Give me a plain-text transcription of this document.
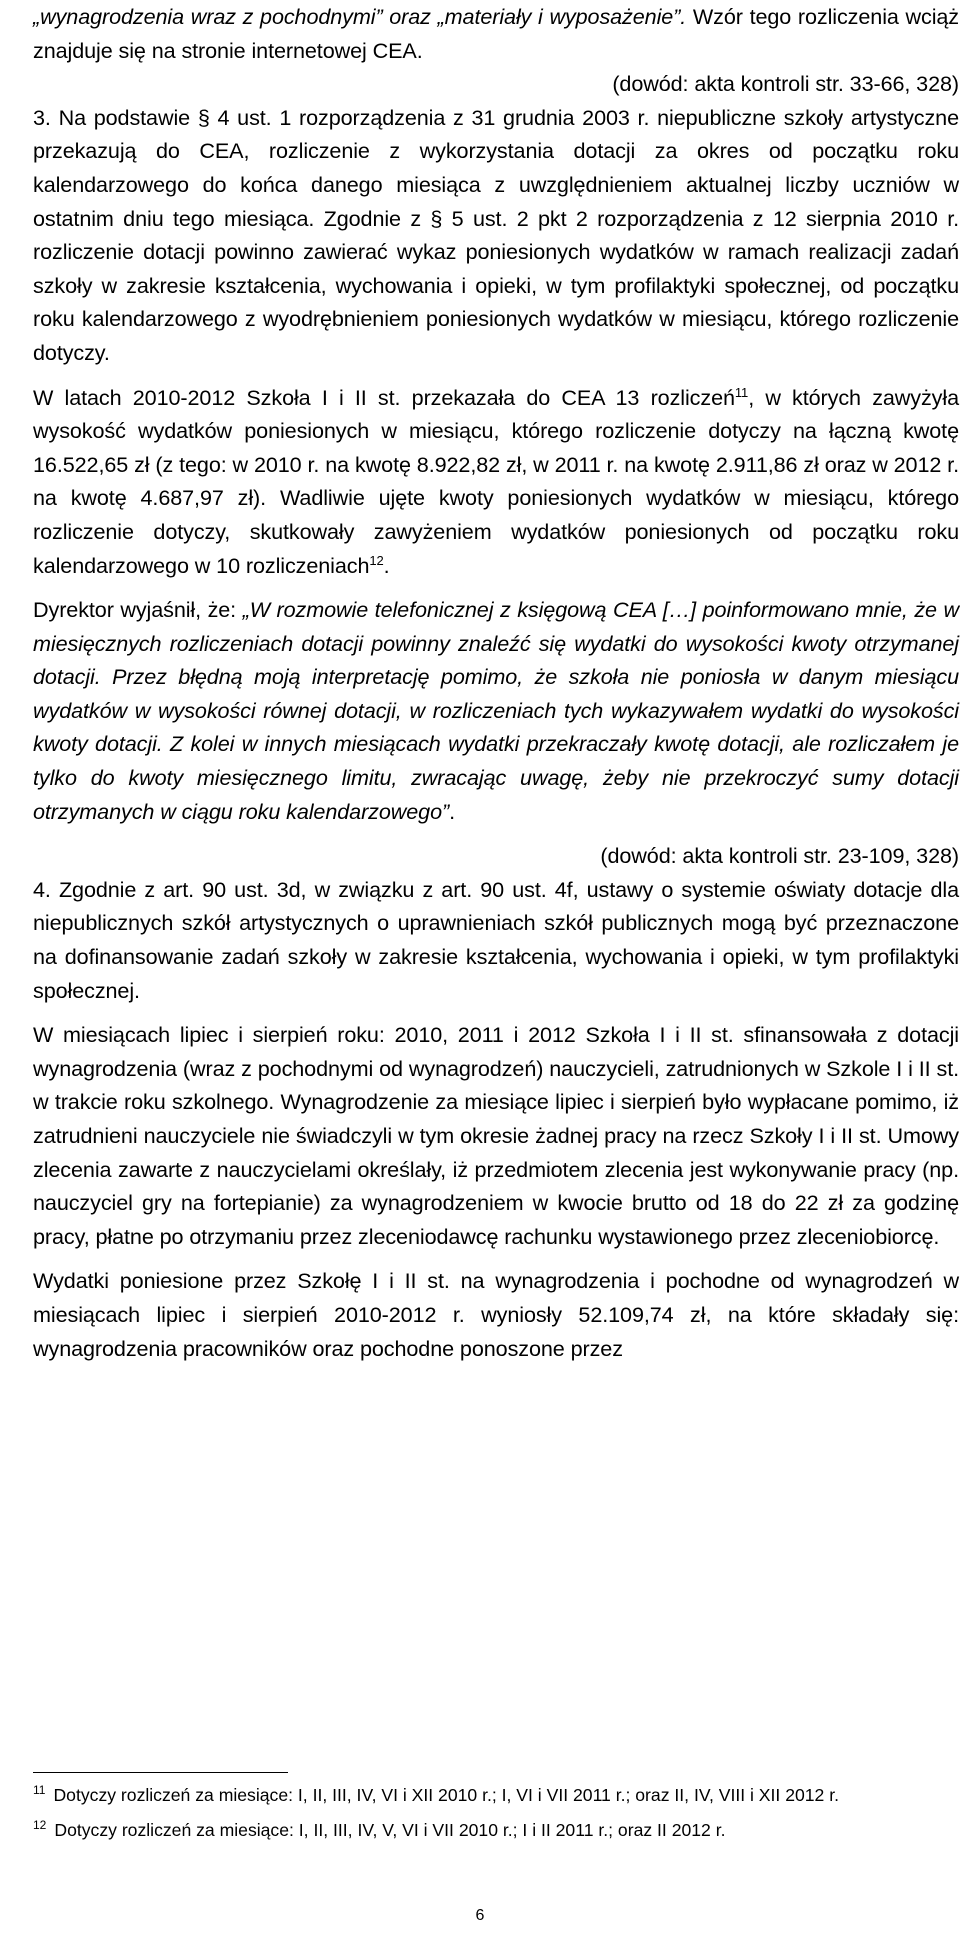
„wynagrodzenia wraz z pochodnymi” oraz „materiały i wyposażenie”. Wzór tego rozliczenia wciąż znajduje się na stronie internetowej CEA.

(dowód: akta kontroli str. 33-66, 328)

3. Na podstawie § 4 ust. 1 rozporządzenia z 31 grudnia 2003 r. niepubliczne szkoły artystyczne przekazują do CEA, rozliczenie z wykorzystania dotacji za okres od początku roku kalendarzowego do końca danego miesiąca z uwzględnieniem aktualnej liczby uczniów w ostatnim dniu tego miesiąca. Zgodnie z § 5 ust. 2 pkt 2 rozporządzenia z 12 sierpnia 2010 r. rozliczenie dotacji powinno zawierać wykaz poniesionych wydatków w ramach realizacji zadań szkoły w zakresie kształcenia, wychowania i opieki, w tym profilaktyki społecznej, od początku roku kalendarzowego z wyodrębnieniem poniesionych wydatków w miesiącu, którego rozliczenie dotyczy.

W latach 2010-2012 Szkoła I i II st. przekazała do CEA 13 rozliczeń$^{11}$, w których zawyżyła wysokość wydatków poniesionych w miesiącu, którego rozliczenie dotyczy na łączną kwotę 16.522,65 zł (z tego: w 2010 r. na kwotę 8.922,82 zł, w 2011 r. na kwotę 2.911,86 zł oraz w 2012 r. na kwotę 4.687,97 zł). Wadliwie ujęte kwoty poniesionych wydatków w miesiącu, którego rozliczenie dotyczy, skutkowały zawyżeniem wydatków poniesionych od początku roku kalendarzowego w 10 rozliczeniach$^{12}$.

Dyrektor wyjaśnił, że: „W rozmowie telefonicznej z księgową CEA […] poinformowano mnie, że w miesięcznych rozliczeniach dotacji powinny znaleźć się wydatki do wysokości kwoty otrzymanej dotacji. Przez błędną moją interpretację pomimo, że szkoła nie poniosła w danym miesiącu wydatków w wysokości równej dotacji, w rozliczeniach tych wykazywałem wydatki do wysokości kwoty dotacji. Z kolei w innych miesiącach wydatki przekraczały kwotę dotacji, ale rozliczałem je tylko do kwoty miesięcznego limitu, zwracając uwagę, żeby nie przekroczyć sumy dotacji otrzymanych w ciągu roku kalendarzowego”.

(dowód: akta kontroli str. 23-109, 328)

4. Zgodnie z art. 90 ust. 3d, w związku z art. 90 ust. 4f, ustawy o systemie oświaty dotacje dla niepublicznych szkół artystycznych o uprawnieniach szkół publicznych mogą być przeznaczone na dofinansowanie zadań szkoły w zakresie kształcenia, wychowania i opieki, w tym profilaktyki społecznej.

W miesiącach lipiec i sierpień roku: 2010, 2011 i 2012 Szkoła I i II st. sfinansowała z dotacji wynagrodzenia (wraz z pochodnymi od wynagrodzeń) nauczycieli, zatrudnionych w Szkole I i II st. w trakcie roku szkolnego. Wynagrodzenie za miesiące lipiec i sierpień było wypłacane pomimo, iż zatrudnieni nauczyciele nie świadczyli w tym okresie żadnej pracy na rzecz Szkoły I i II st. Umowy zlecenia zawarte z nauczycielami określały, iż przedmiotem zlecenia jest wykonywanie pracy (np. nauczyciel gry na fortepianie) za wynagrodzeniem w kwocie brutto od 18 do 22 zł za godzinę pracy, płatne po otrzymaniu przez zleceniodawcę rachunku wystawionego przez zleceniobiorcę.

Wydatki poniesione przez Szkołę I i II st. na wynagrodzenia i pochodne od wynagrodzeń w miesiącach lipiec i sierpień 2010-2012 r. wyniosły 52.109,74 zł, na które składały się: wynagrodzenia pracowników oraz pochodne ponoszone przez

$^{11}$ Dotyczy rozliczeń za miesiące: I, II, III, IV, VI i XII 2010 r.; I, VI i VII 2011 r.; oraz II, IV, VIII i XII 2012 r.

$^{12}$ Dotyczy rozliczeń za miesiące: I, II, III, IV, V, VI i VII 2010 r.; I i II 2011 r.; oraz II 2012 r.

6
